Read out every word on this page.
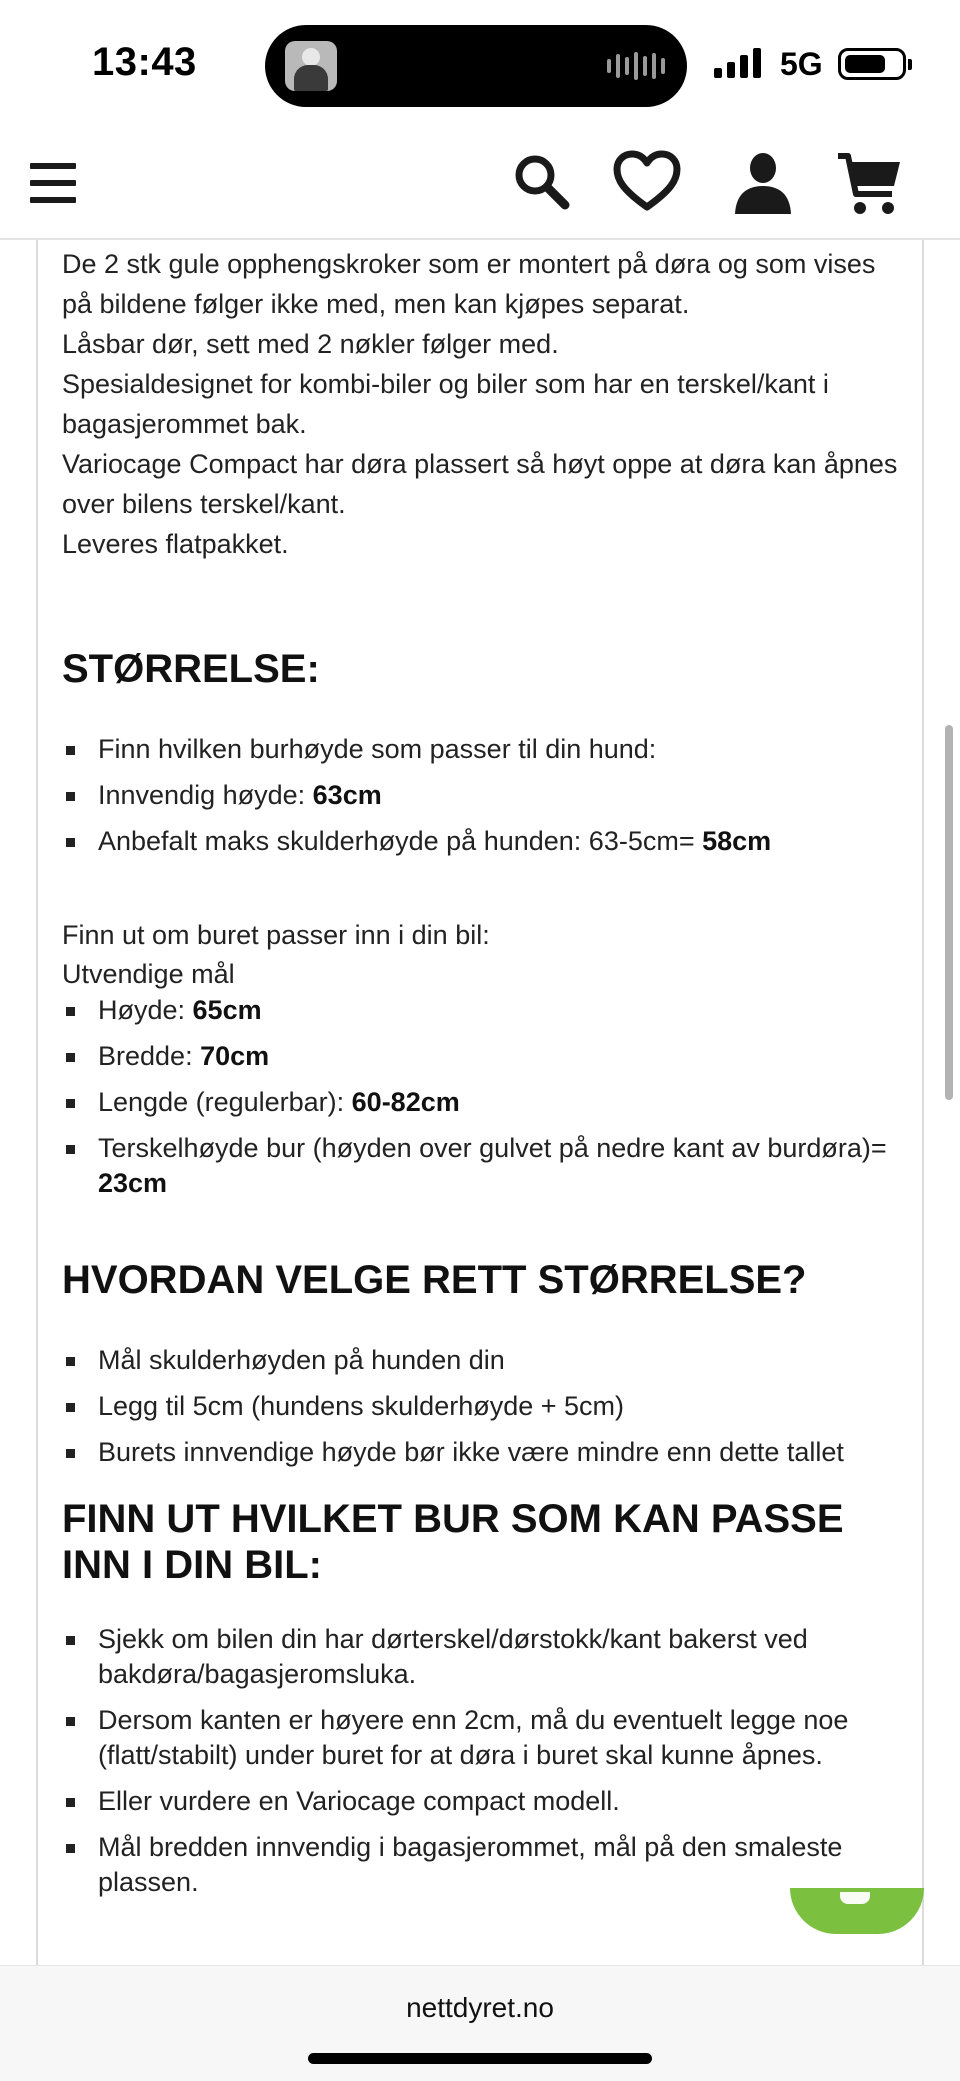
13:43	5G

De 2 stk gule opphengskroker som er montert på døra og som vises på bildene følger ikke med, men kan kjøpes separat.

Låsbar dør, sett med 2 nøkler følger med.

Spesialdesignet for kombi-biler og biler som har en terskel/kant i bagasjerommet bak.

Variocage Compact har døra plassert så høyt oppe at døra kan åpnes over bilens terskel/kant.

Leveres flatpakket.

STØRRELSE:
Finn hvilken burhøyde som passer til din hund:
Innvendig høyde: 63cm
Anbefalt maks skulderhøyde på hunden: 63-5cm= 58cm

Finn ut om buret passer inn i din bil:

Utvendige mål

Høyde: 65cm
Bredde: 70cm
Lengde (regulerbar): 60-82cm
Terskelhøyde bur (høyden over gulvet på nedre kant av burdøra)= 23cm
HVORDAN VELGE RETT STØRRELSE?
Mål skulderhøyden på hunden din
Legg til 5cm (hundens skulderhøyde + 5cm)
Burets innvendige høyde bør ikke være mindre enn dette tallet
FINN UT HVILKET BUR SOM KAN PASSE INN I DIN BIL:
Sjekk om bilen din har dørterskel/dørstokk/kant bakerst ved bakdøra/bagasjeromsluka.
Dersom kanten er høyere enn 2cm, må du eventuelt legge noe (flatt/stabilt) under buret for at døra i buret skal kunne åpnes.
Eller vurdere en Variocage compact modell.
Mål bredden innvendig i bagasjerommet, mål på den smaleste plassen.
nettdyret.no
